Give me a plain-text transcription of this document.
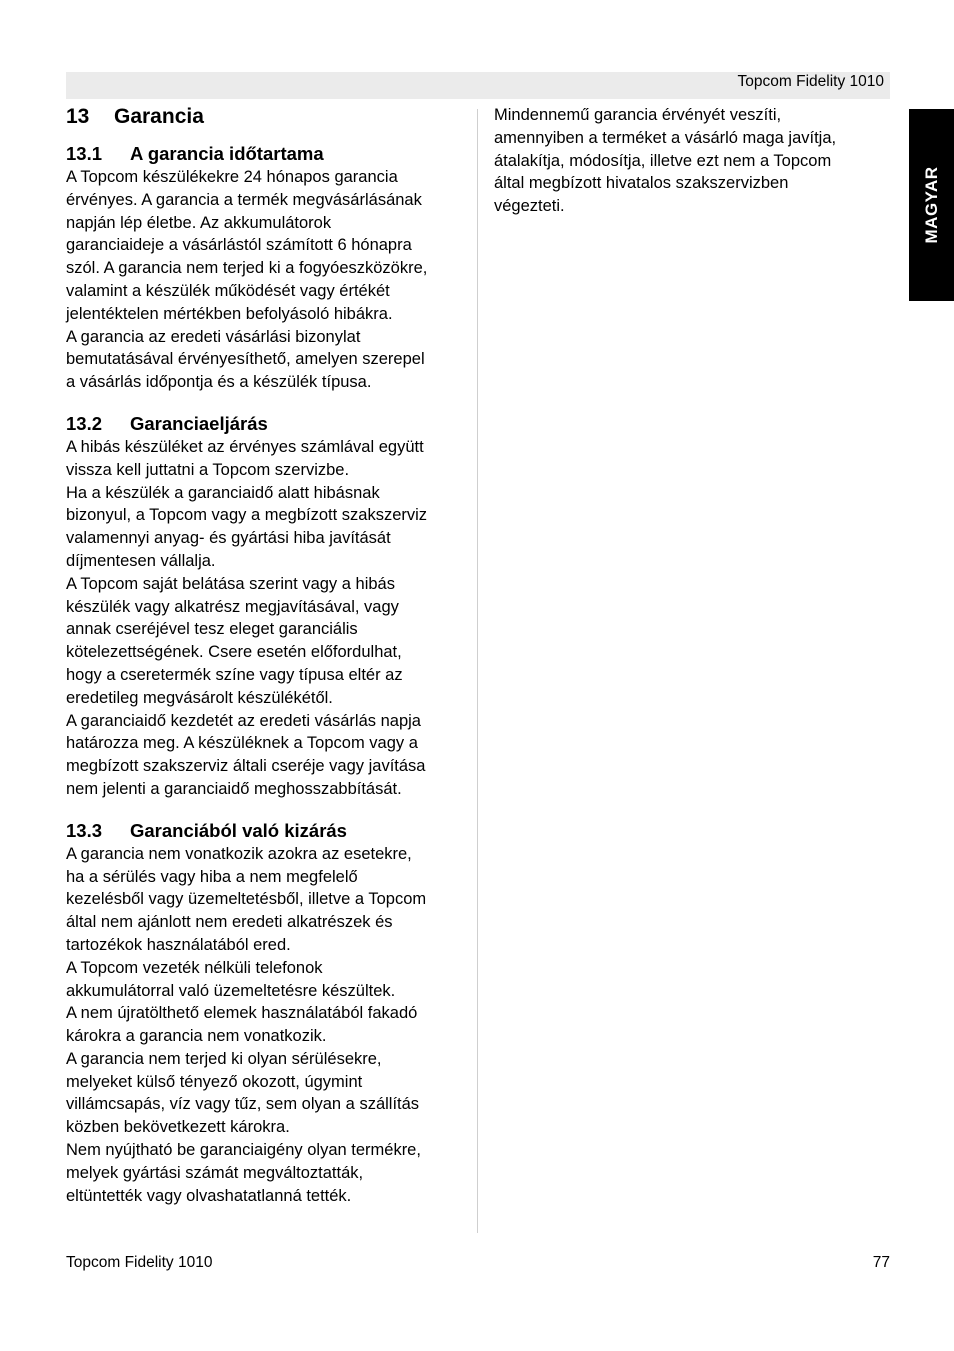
Topcom Fidelity 1010
MAGYAR
13 Garancia
13.1 A garancia időtartama

A Topcom készülékekre 24 hónapos garancia
érvényes. A garancia a termék megvásárlásának
napján lép életbe. Az akkumulátorok
garanciaideje a vásárlástól számított 6 hónapra
szól. A garancia nem terjed ki a fogyóeszközökre,
valamint a készülék működését vagy értékét
jelentéktelen mértékben befolyásoló hibákra.
A garancia az eredeti vásárlási bizonylat
bemutatásával érvényesíthető, amelyen szerepel
a vásárlás időpontja és a készülék típusa.

13.2 Garanciaeljárás

A hibás készüléket az érvényes számlával együtt
vissza kell juttatni a Topcom szervizbe.
Ha a készülék a garanciaidő alatt hibásnak
bizonyul, a Topcom vagy a megbízott szakszerviz
valamennyi anyag- és gyártási hiba javítását
díjmentesen vállalja.
A Topcom saját belátása szerint vagy a hibás
készülék vagy alkatrész megjavításával, vagy
annak cseréjével tesz eleget garanciális
kötelezettségének. Csere esetén előfordulhat,
hogy a cseretermék színe vagy típusa eltér az
eredetileg megvásárolt készülékétől.
A garanciaidő kezdetét az eredeti vásárlás napja
határozza meg. A készüléknek a Topcom vagy a
megbízott szakszerviz általi cseréje vagy javítása
nem jelenti a garanciaidő meghosszabbítását.

13.3 Garanciából való kizárás

A garancia nem vonatkozik azokra az esetekre,
ha a sérülés vagy hiba a nem megfelelő
kezelésből vagy üzemeltetésből, illetve a Topcom
által nem ajánlott nem eredeti alkatrészek és
tartozékok használatából ered.
A Topcom vezeték nélküli telefonok
akkumulátorral való üzemeltetésre készültek.
A nem újratölthető elemek használatából fakadó
károkra a garancia nem vonatkozik.
A garancia nem terjed ki olyan sérülésekre,
melyeket külső tényező okozott, úgymint
villámcsapás, víz vagy tűz, sem olyan a szállítás
közben bekövetkezett károkra.
Nem nyújtható be garanciaigény olyan termékre,
melyek gyártási számát megváltoztatták,
eltüntették vagy olvashatatlanná tették.

Mindennemű garancia érvényét veszíti,
amennyiben a terméket a vásárló maga javítja,
átalakítja, módosítja, illetve ezt nem a Topcom
által megbízott hivatalos szakszervizben
végezteti.

Topcom Fidelity 1010	77
